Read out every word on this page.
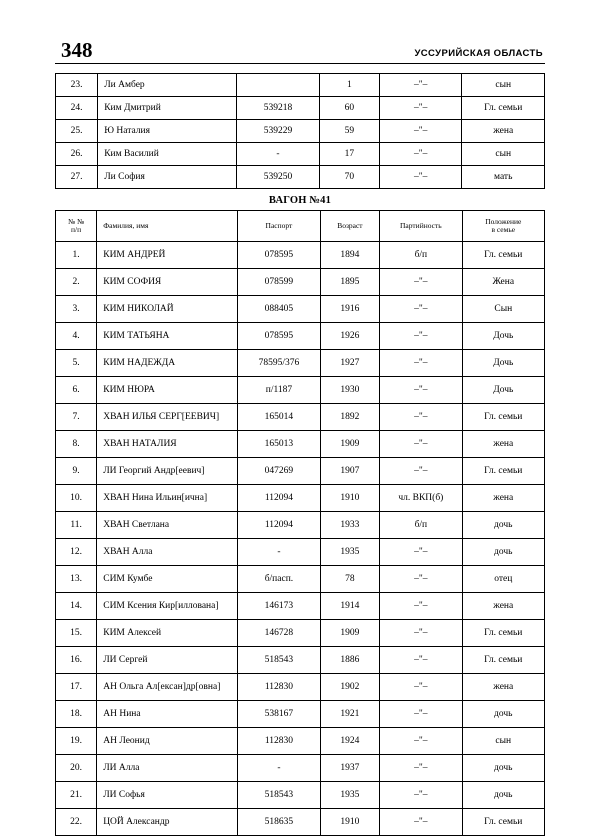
348	УССУРИЙСКАЯ ОБЛАСТЬ
23.	Ли Амбер		1	–"–	сын
24.	Ким Дмитрий	539218	60	–"–	Гл. семьи
25.	Ю Наталия	539229	59	–"–	жена
26.	Ким Василий	-	17	–"–	сын
27.	Ли София	539250	70	–"–	мать
ВАГОН №41
№ №
п/п	Фамилия, имя	Паспорт	Возраст	Партийность	Положение
в семье
1.	КИМ АНДРЕЙ	078595	1894	б/п	Гл. семьи
2.	КИМ СОФИЯ	078599	1895	–"–	Жена
3.	КИМ НИКОЛАЙ	088405	1916	–"–	Сын
4.	КИМ ТАТЬЯНА	078595	1926	–"–	Дочь
5.	КИМ НАДЕЖДА	78595/376	1927	–"–	Дочь
6.	КИМ НЮРА	п/1187	1930	–"–	Дочь
7.	ХВАН ИЛЬЯ СЕРГ[ЕЕВИЧ]	165014	1892	–"–	Гл. семьи
8.	ХВАН НАТАЛИЯ	165013	1909	–"–	жена
9.	ЛИ Георгий Андр[еевич]	047269	1907	–"–	Гл. семьи
10.	ХВАН Нина Ильин[ична]	112094	1910	чл. ВКП(б)	жена
11.	ХВАН Светлана	112094	1933	б/п	дочь
12.	ХВАН Алла	-	1935	–"–	дочь
13.	СИМ Кумбе	б/пасп.	78	–"–	отец
14.	СИМ Ксения Кир[иллована]	146173	1914	–"–	жена
15.	КИМ Алексей	146728	1909	–"–	Гл. семьи
16.	ЛИ Сергей	518543	1886	–"–	Гл. семьи
17.	АН Ольга Ал[ексан]др[овна]	112830	1902	–"–	жена
18.	АН Нина	538167	1921	–"–	дочь
19.	АН Леонид	112830	1924	–"–	сын
20.	ЛИ Алла	-	1937	–"–	дочь
21.	ЛИ Софья	518543	1935	–"–	дочь
22.	ЦОЙ Александр	518635	1910	–"–	Гл. семьи
